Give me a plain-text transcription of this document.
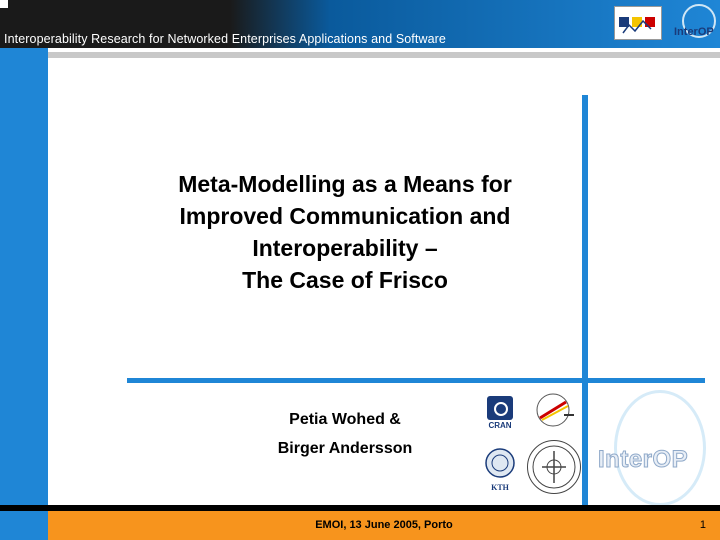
Interoperability Research for Networked Enterprises Applications and Software	InterOP
Meta-Modelling as a Means for
Improved Communication and
Interoperability –
The Case of Frisco
Petia Wohed &
Birger Andersson
CRAN
KTH
InterOP
EMOI, 13 June 2005, Porto	1
